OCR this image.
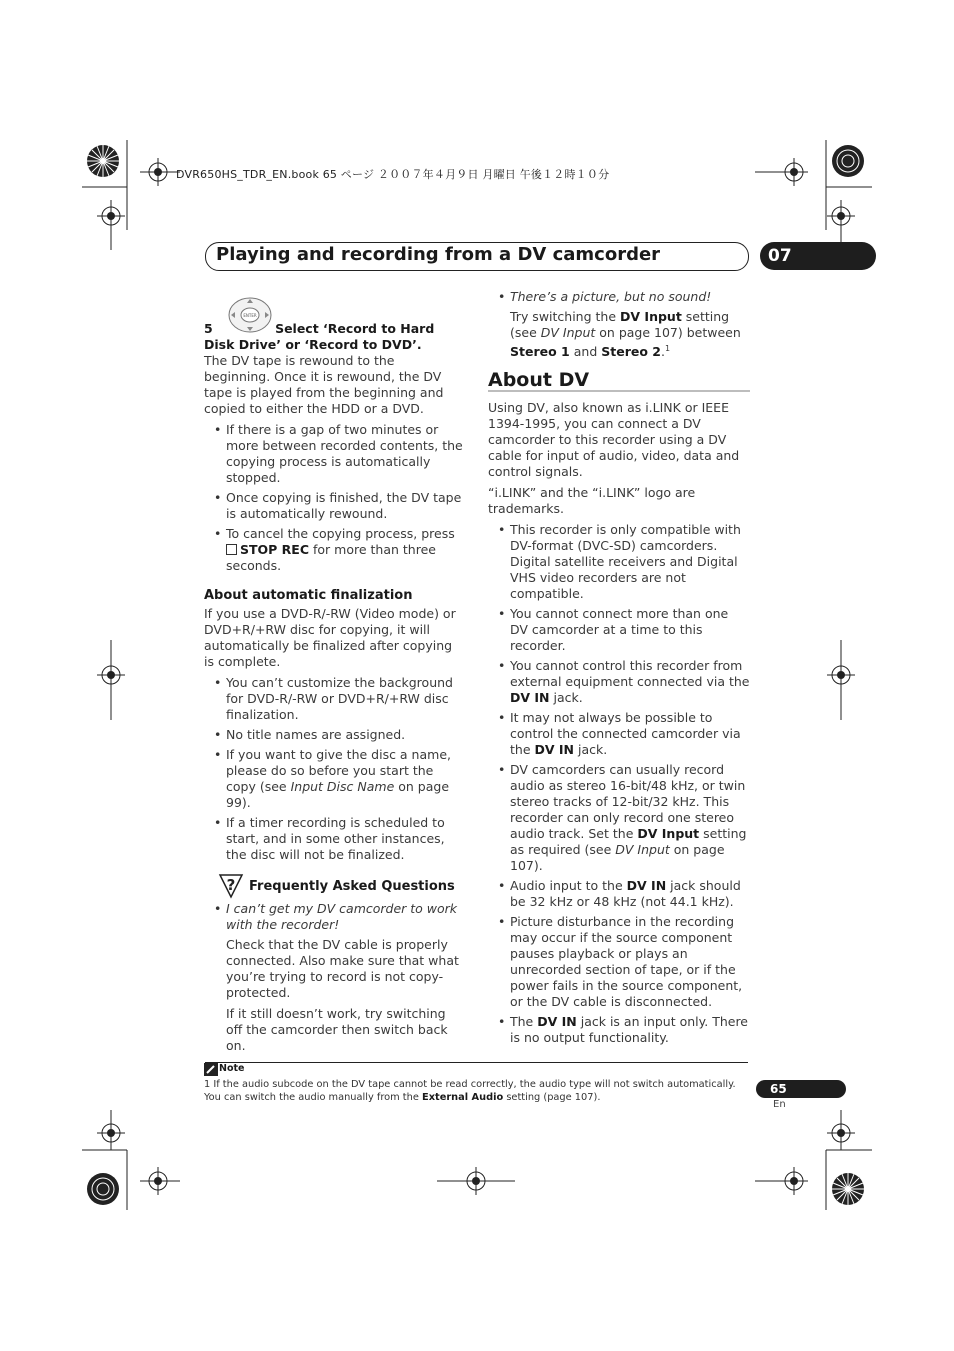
DVR650HS_TDR_EN.book 65 ページ ２００７年４月９日 月曜日 午後１２時１０分
Playing and recording from a DV camcorder	07
ENTER
5	Select ‘Record to Hard Disk Drive’ or ‘Record to DVD’.

The DV tape is rewound to the beginning. Once it is rewound, the DV tape is played from the beginning and copied to either the HDD or a DVD.

• If there is a gap of two minutes or more between recorded contents, the copying process is automatically stopped.
• Once copying is finished, the DV tape is automatically rewound.
• To cancel the copying process, press
STOP REC for more than three seconds.
About automatic finalization

If you use a DVD-R/-RW (Video mode) or DVD+R/+RW disc for copying, it will automatically be finalized after copying is complete.

• You can’t customize the background for DVD-R/-RW or DVD+R/+RW disc finalization.
• No title names are assigned.
• If you want to give the disc a name, please do so before you start the copy (see Input Disc Name on page 99).
• If a timer recording is scheduled to start, and in some other instances, the disc will not be finalized.
? Frequently Asked Questions
• I can’t get my DV camcorder to work with the recorder!

Check that the DV cable is properly connected. Also make sure that what you’re trying to record is not copy-protected.

If it still doesn’t work, try switching off the camcorder then switch back on.

• There’s a picture, but no sound!

Try switching the DV Input setting (see DV Input on page 107) between Stereo 1 and Stereo 2.$^1$

About DV

Using DV, also known as i.LINK or IEEE 1394-1995, you can connect a DV camcorder to this recorder using a DV cable for input of audio, video, data and control signals.

“i.LINK” and the “i.LINK” logo are trademarks.

• This recorder is only compatible with DV-format (DVC-SD) camcorders. Digital satellite receivers and Digital VHS video recorders are not compatible.
• You cannot connect more than one DV camcorder at a time to this recorder.
• You cannot control this recorder from external equipment connected via the DV IN jack.
• It may not always be possible to control the connected camcorder via the DV IN jack.
• DV camcorders can usually record audio as stereo 16-bit/48 kHz, or twin stereo tracks of 12-bit/32 kHz. This recorder can only record one stereo audio track. Set the DV Input setting as required (see DV Input on page 107).
• Audio input to the DV IN jack should be 32 kHz or 48 kHz (not 44.1 kHz).
• Picture disturbance in the recording may occur if the source component pauses playback or plays an unrecorded section of tape, or if the power fails in the source component, or the DV cable is disconnected.
• The DV IN jack is an input only. There is no output functionality.
Note
1 If the audio subcode on the DV tape cannot be read correctly, the audio type will not switch automatically. You can switch the audio manually from the External Audio setting (page 107).
65
En
